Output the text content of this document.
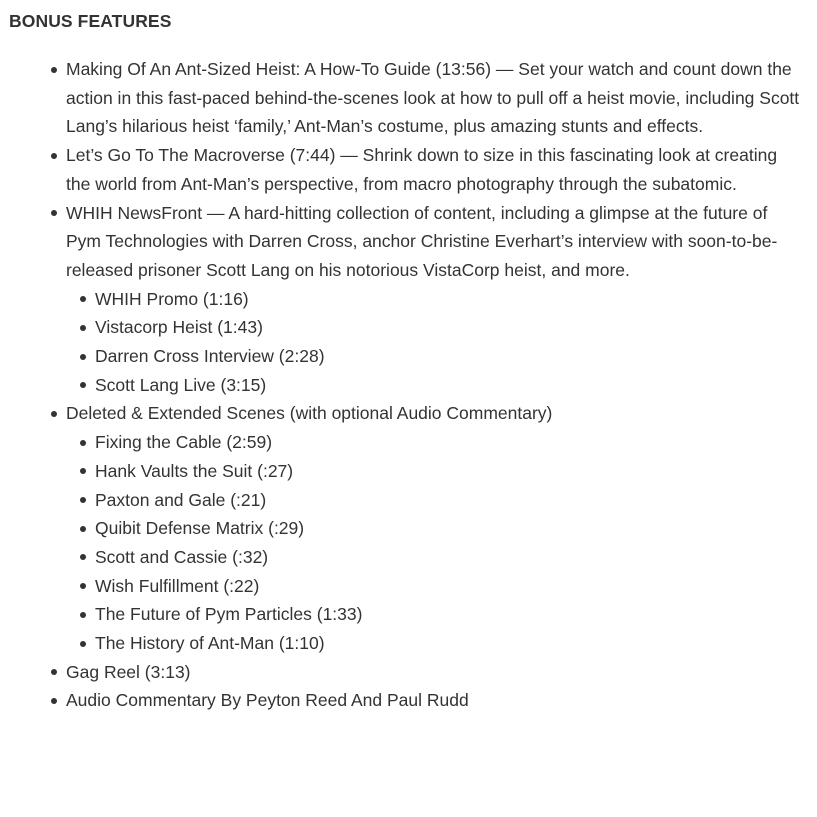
BONUS FEATURES
Making Of An Ant-Sized Heist: A How-To Guide (13:56) — Set your watch and count down the action in this fast-paced behind-the-scenes look at how to pull off a heist movie, including Scott Lang’s hilarious heist ‘family,’ Ant-Man’s costume, plus amazing stunts and effects.
Let’s Go To The Macroverse (7:44) — Shrink down to size in this fascinating look at creating the world from Ant-Man’s perspective, from macro photography through the subatomic.
WHIH NewsFront — A hard-hitting collection of content, including a glimpse at the future of Pym Technologies with Darren Cross, anchor Christine Everhart’s interview with soon-to-be-released prisoner Scott Lang on his notorious VistaCorp heist, and more.
WHIH Promo (1:16)
Vistacorp Heist (1:43)
Darren Cross Interview (2:28)
Scott Lang Live (3:15)
Deleted & Extended Scenes (with optional Audio Commentary)
Fixing the Cable (2:59)
Hank Vaults the Suit (:27)
Paxton and Gale (:21)
Quibit Defense Matrix (:29)
Scott and Cassie (:32)
Wish Fulfillment (:22)
The Future of Pym Particles (1:33)
The History of Ant-Man (1:10)
Gag Reel (3:13)
Audio Commentary By Peyton Reed And Paul Rudd
